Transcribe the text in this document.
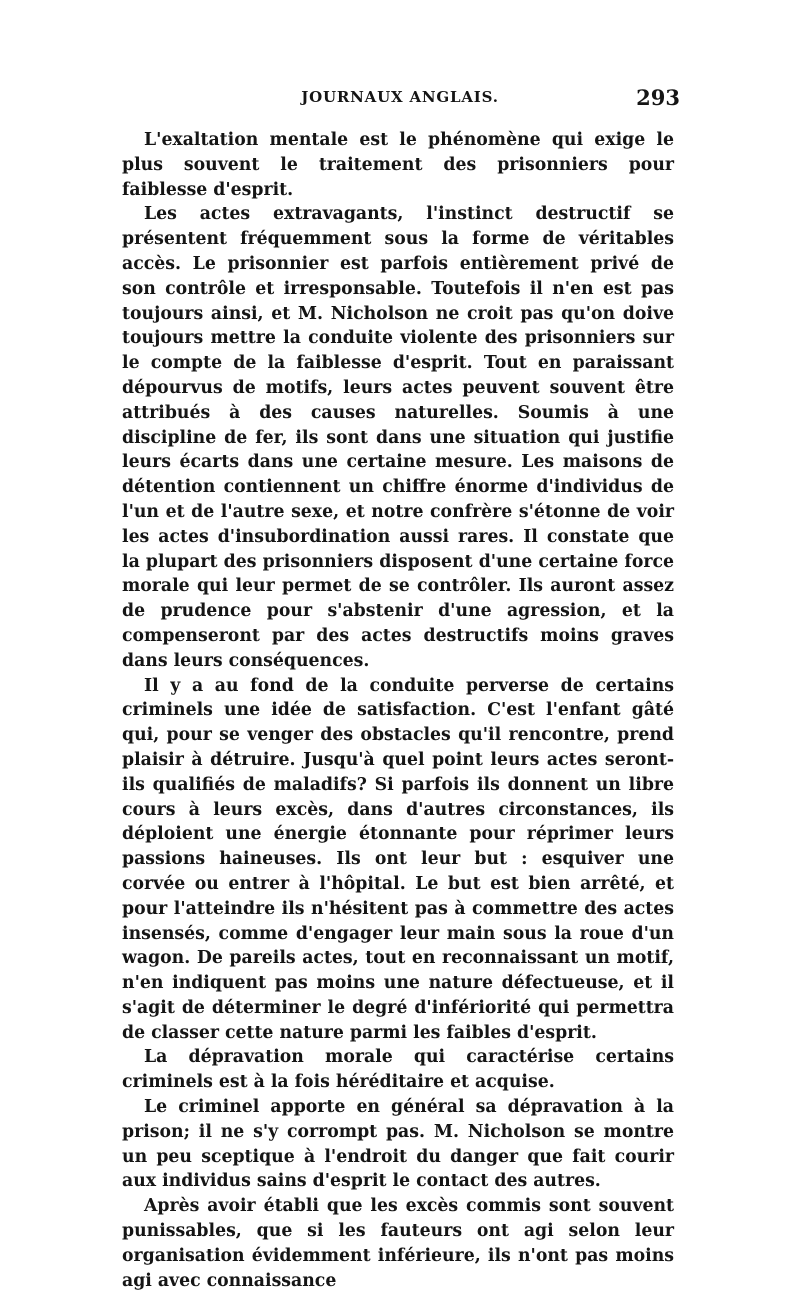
JOURNAUX ANGLAIS.	293

L'exaltation mentale est le phénomène qui exige le plus souvent le traitement des prisonniers pour faiblesse d'esprit.

Les actes extravagants, l'instinct destructif se présentent fréquemment sous la forme de véritables accès. Le prisonnier est parfois entièrement privé de son contrôle et irresponsable. Toutefois il n'en est pas toujours ainsi, et M. Nicholson ne croit pas qu'on doive toujours mettre la conduite violente des prisonniers sur le compte de la faiblesse d'esprit. Tout en paraissant dépourvus de motifs, leurs actes peuvent souvent être attribués à des causes naturelles. Soumis à une discipline de fer, ils sont dans une situation qui justifie leurs écarts dans une certaine mesure. Les maisons de détention contiennent un chiffre énorme d'individus de l'un et de l'autre sexe, et notre confrère s'étonne de voir les actes d'insubordination aussi rares. Il constate que la plupart des prisonniers disposent d'une certaine force morale qui leur permet de se contrôler. Ils auront assez de prudence pour s'abstenir d'une agression, et la compenseront par des actes destructifs moins graves dans leurs conséquences.

Il y a au fond de la conduite perverse de certains criminels une idée de satisfaction. C'est l'enfant gâté qui, pour se venger des obstacles qu'il rencontre, prend plaisir à détruire. Jusqu'à quel point leurs actes seront-ils qualifiés de maladifs? Si parfois ils donnent un libre cours à leurs excès, dans d'autres circonstances, ils déploient une énergie étonnante pour réprimer leurs passions haineuses. Ils ont leur but : esquiver une corvée ou entrer à l'hôpital. Le but est bien arrêté, et pour l'atteindre ils n'hésitent pas à commettre des actes insensés, comme d'engager leur main sous la roue d'un wagon. De pareils actes, tout en reconnaissant un motif, n'en indiquent pas moins une nature défectueuse, et il s'agit de déterminer le degré d'infériorité qui permettra de classer cette nature parmi les faibles d'esprit.

La dépravation morale qui caractérise certains criminels est à la fois héréditaire et acquise.

Le criminel apporte en général sa dépravation à la prison; il ne s'y corrompt pas. M. Nicholson se montre un peu sceptique à l'endroit du danger que fait courir aux individus sains d'esprit le contact des autres.

Après avoir établi que les excès commis sont souvent punissables, que si les fauteurs ont agi selon leur organisation évidemment inférieure, ils n'ont pas moins agi avec connaissance
